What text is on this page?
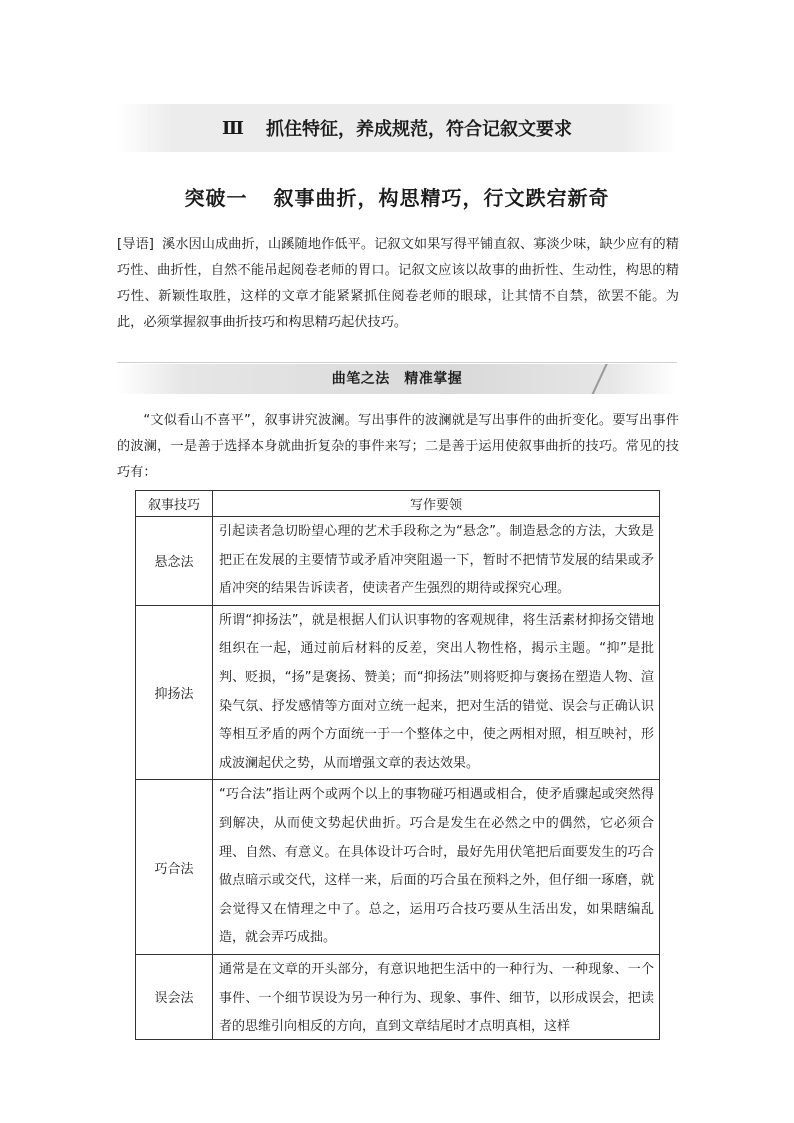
Ⅲ 抓住特征，养成规范，符合记叙文要求
突破一 叙事曲折，构思精巧，行文跌宕新奇
[导语] 溪水因山成曲折，山蹊随地作低平。记叙文如果写得平铺直叙、寡淡少味，缺少应有的精巧性、曲折性，自然不能吊起阅卷老师的胃口。记叙文应该以故事的曲折性、生动性，构思的精巧性、新颖性取胜，这样的文章才能紧紧抓住阅卷老师的眼球，让其情不自禁，欲罢不能。为此，必须掌握叙事曲折技巧和构思精巧起伏技巧。
曲笔之法　精准掌握
“文似看山不喜平”，叙事讲究波澜。写出事件的波澜就是写出事件的曲折变化。要写出事件的波澜，一是善于选择本身就曲折复杂的事件来写；二是善于运用使叙事曲折的技巧。常见的技巧有：
叙事技巧	写作要领
悬念法	引起读者急切盼望心理的艺术手段称之为“悬念”。制造悬念的方法，大致是把正在发展的主要情节或矛盾冲突阻遏一下，暂时不把情节发展的结果或矛盾冲突的结果告诉读者，使读者产生强烈的期待或探究心理。
抑扬法	所谓“抑扬法”，就是根据人们认识事物的客观规律，将生活素材抑扬交错地组织在一起，通过前后材料的反差，突出人物性格，揭示主题。“抑”是批判、贬损，“扬”是褒扬、赞美；而“抑扬法”则将贬抑与褒扬在塑造人物、渲染气氛、抒发感情等方面对立统一起来，把对生活的错觉、误会与正确认识等相互矛盾的两个方面统一于一个整体之中，使之两相对照，相互映衬，形成波澜起伏之势，从而增强文章的表达效果。
巧合法	“巧合法”指让两个或两个以上的事物碰巧相遇或相合，使矛盾骤起或突然得到解决，从而使文势起伏曲折。巧合是发生在必然之中的偶然，它必须合理、自然、有意义。在具体设计巧合时，最好先用伏笔把后面要发生的巧合做点暗示或交代，这样一来，后面的巧合虽在预料之外，但仔细一琢磨，就会觉得又在情理之中了。总之，运用巧合技巧要从生活出发，如果瞎编乱造，就会弄巧成拙。
误会法	通常是在文章的开头部分，有意识地把生活中的一种行为、一种现象、一个事件、一个细节误设为另一种行为、现象、事件、细节，以形成误会，把读者的思维引向相反的方向，直到文章结尾时才点明真相，这样
